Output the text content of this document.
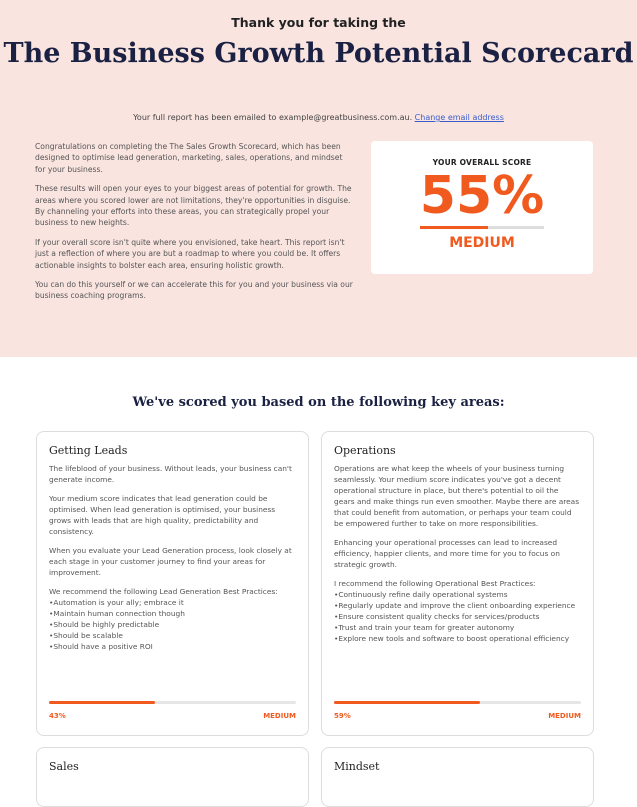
Thank you for taking the
The Business Growth Potential Scorecard
Your full report has been emailed to example@greatbusiness.com.au. Change email address

Congratulations on completing the The Sales Growth Scorecard, which has been designed to optimise lead generation, marketing, sales, operations, and mindset for your business.

These results will open your eyes to your biggest areas of potential for growth. The areas where you scored lower are not limitations, they're opportunities in disguise. By channeling your efforts into these areas, you can strategically propel your business to new heights.

If your overall score isn't quite where you envisioned, take heart. This report isn't just a reflection of where you are but a roadmap to where you could be. It offers actionable insights to bolster each area, ensuring holistic growth.

You can do this yourself or we can accelerate this for you and your business via our business coaching programs.

YOUR OVERALL SCORE
55%
MEDIUM
We've scored you based on the following key areas:
Getting Leads

The lifeblood of your business. Without leads, your business can't generate income.

Your medium score indicates that lead generation could be optimised. When lead generation is optimised, your business grows with leads that are high quality, predictability and consistency.

When you evaluate your Lead Generation process, look closely at each stage in your customer journey to find your areas for improvement.

We recommend the following Lead Generation Best Practices:
• Automation is your ally; embrace it
• Maintain human connection though
• Should be highly predictable
• Should be scalable
• Should have a positive ROI
43%	MEDIUM
Operations

Operations are what keep the wheels of your business turning seamlessly. Your medium score indicates you've got a decent operational structure in place, but there's potential to oil the gears and make things run even smoother. Maybe there are areas that could benefit from automation, or perhaps your team could be empowered further to take on more responsibilities.

Enhancing your operational processes can lead to increased efficiency, happier clients, and more time for you to focus on strategic growth.

I recommend the following Operational Best Practices:
• Continuously refine daily operational systems
• Regularly update and improve the client onboarding experience
• Ensure consistent quality checks for services/products
• Trust and train your team for greater autonomy
• Explore new tools and software to boost operational efficiency
59%	MEDIUM
Sales	Mindset
